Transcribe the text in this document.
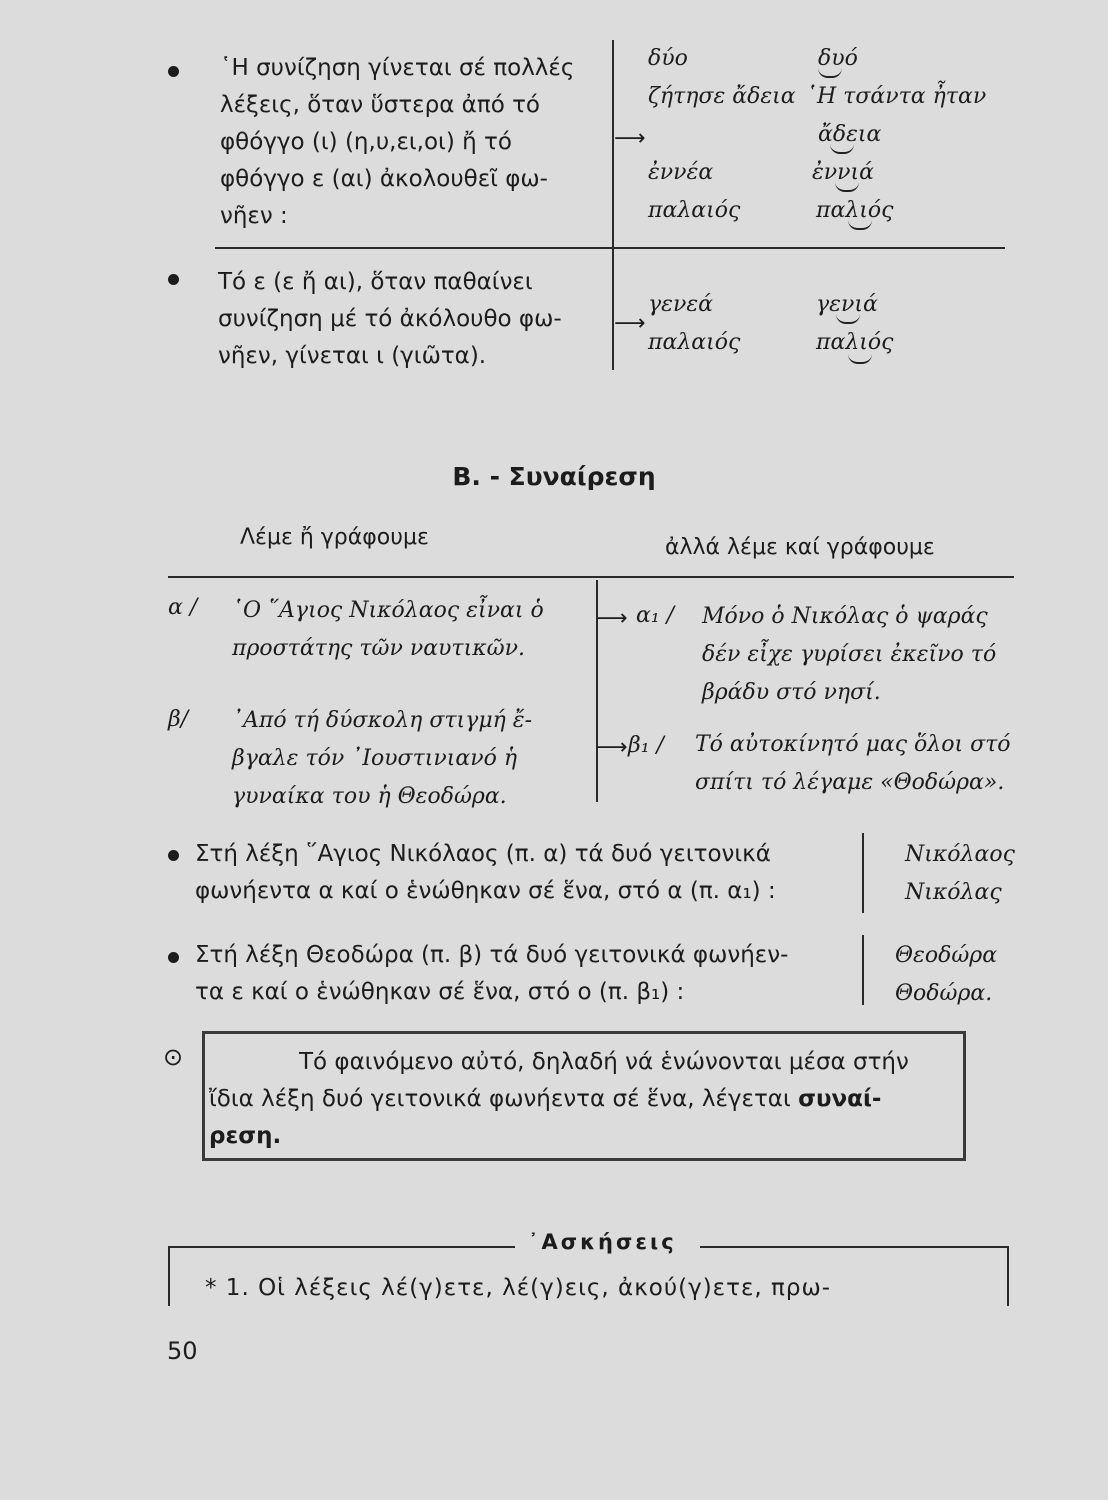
῾Η συνίζηση γίνεται σέ πολλές
λέξεις, ὅταν ὕστερα ἀπό τό
φθόγγο (ι) (η,υ,ει,οι) ἤ τό
φθόγγο ε (αι) ἀκολουθεῖ φω-
νῆεν :
⟶
δύο
ζήτησε ἄδεια
ἐννέα
παλαιός
δυό
῾Η τσάντα ἦταν
ἄδεια
ἐννιά
παλιός
Τό ε (ε ἤ αι), ὅταν παθαίνει
συνίζηση μέ τό ἀκόλουθο φω-
νῆεν, γίνεται ι (γιῶτα).
⟶
γενεά
παλαιός
γενιά
παλιός
Β. - Συναίρεση
Λέμε ἤ γράφουμε	ἀλλά λέμε καί γράφουμε
α / ῾Ο ῞Αγιος Νικόλαος εἶναι ὁ
προστάτης τῶν ναυτικῶν.
⟶ α₁ / Μόνο ὁ Νικόλας ὁ ψαράς
δέν εἶχε γυρίσει ἐκεῖνο τό
βράδυ στό νησί.
β/ ᾿Από τή δύσκολη στιγμή ἔ-
βγαλε τόν ᾿Ιουστινιανό ἡ
γυναίκα του ἡ Θεοδώρα.
⟶ β₁ / Τό αὐτοκίνητό μας ὅλοι στό
σπίτι τό λέγαμε «Θοδώρα».
Στή λέξη ῞Αγιος Νικόλαος (π. α) τά δυό γειτονικά
φωνήεντα α καί ο ἑνώθηκαν σέ ἕνα, στό α (π. α₁) :
Νικόλαος
Νικόλας
Στή λέξη Θεοδώρα (π. β) τά δυό γειτονικά φωνήεν-
τα ε καί ο ἑνώθηκαν σέ ἕνα, στό ο (π. β₁) :
Θεοδώρα
Θοδώρα.
⊙	Τό φαινόμενο αὐτό, δηλαδή νά ἑνώνονται μέσα στήν
ἴδια λέξη δυό γειτονικά φωνήεντα σέ ἕνα, λέγεται συναί-
ρεση.
᾿Ασκήσεις
* 1. Οἱ λέξεις λέ(γ)ετε, λέ(γ)εις, ἀκού(γ)ετε, πρω-
50
